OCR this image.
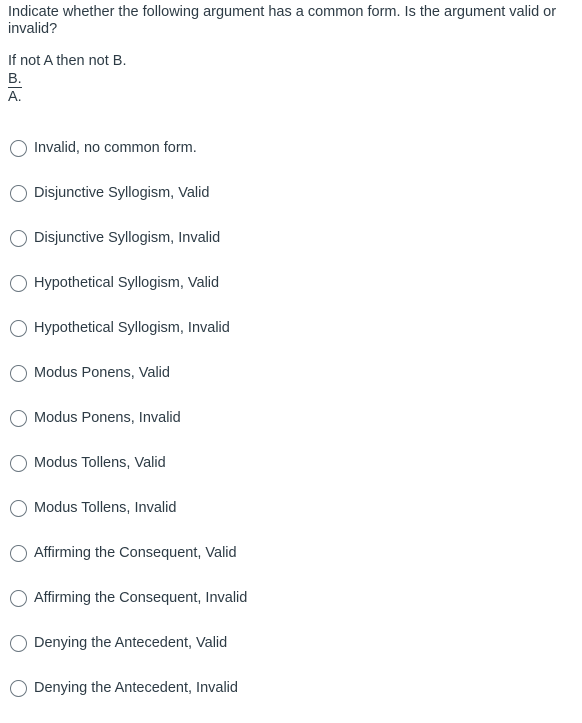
Indicate whether the following argument has a common form. Is the argument valid or invalid?

If not A then not B.
B.
A.
Invalid, no common form.
Disjunctive Syllogism, Valid
Disjunctive Syllogism, Invalid
Hypothetical Syllogism, Valid
Hypothetical Syllogism, Invalid
Modus Ponens, Valid
Modus Ponens, Invalid
Modus Tollens, Valid
Modus Tollens, Invalid
Affirming the Consequent, Valid
Affirming the Consequent, Invalid
Denying the Antecedent, Valid
Denying the Antecedent, Invalid
